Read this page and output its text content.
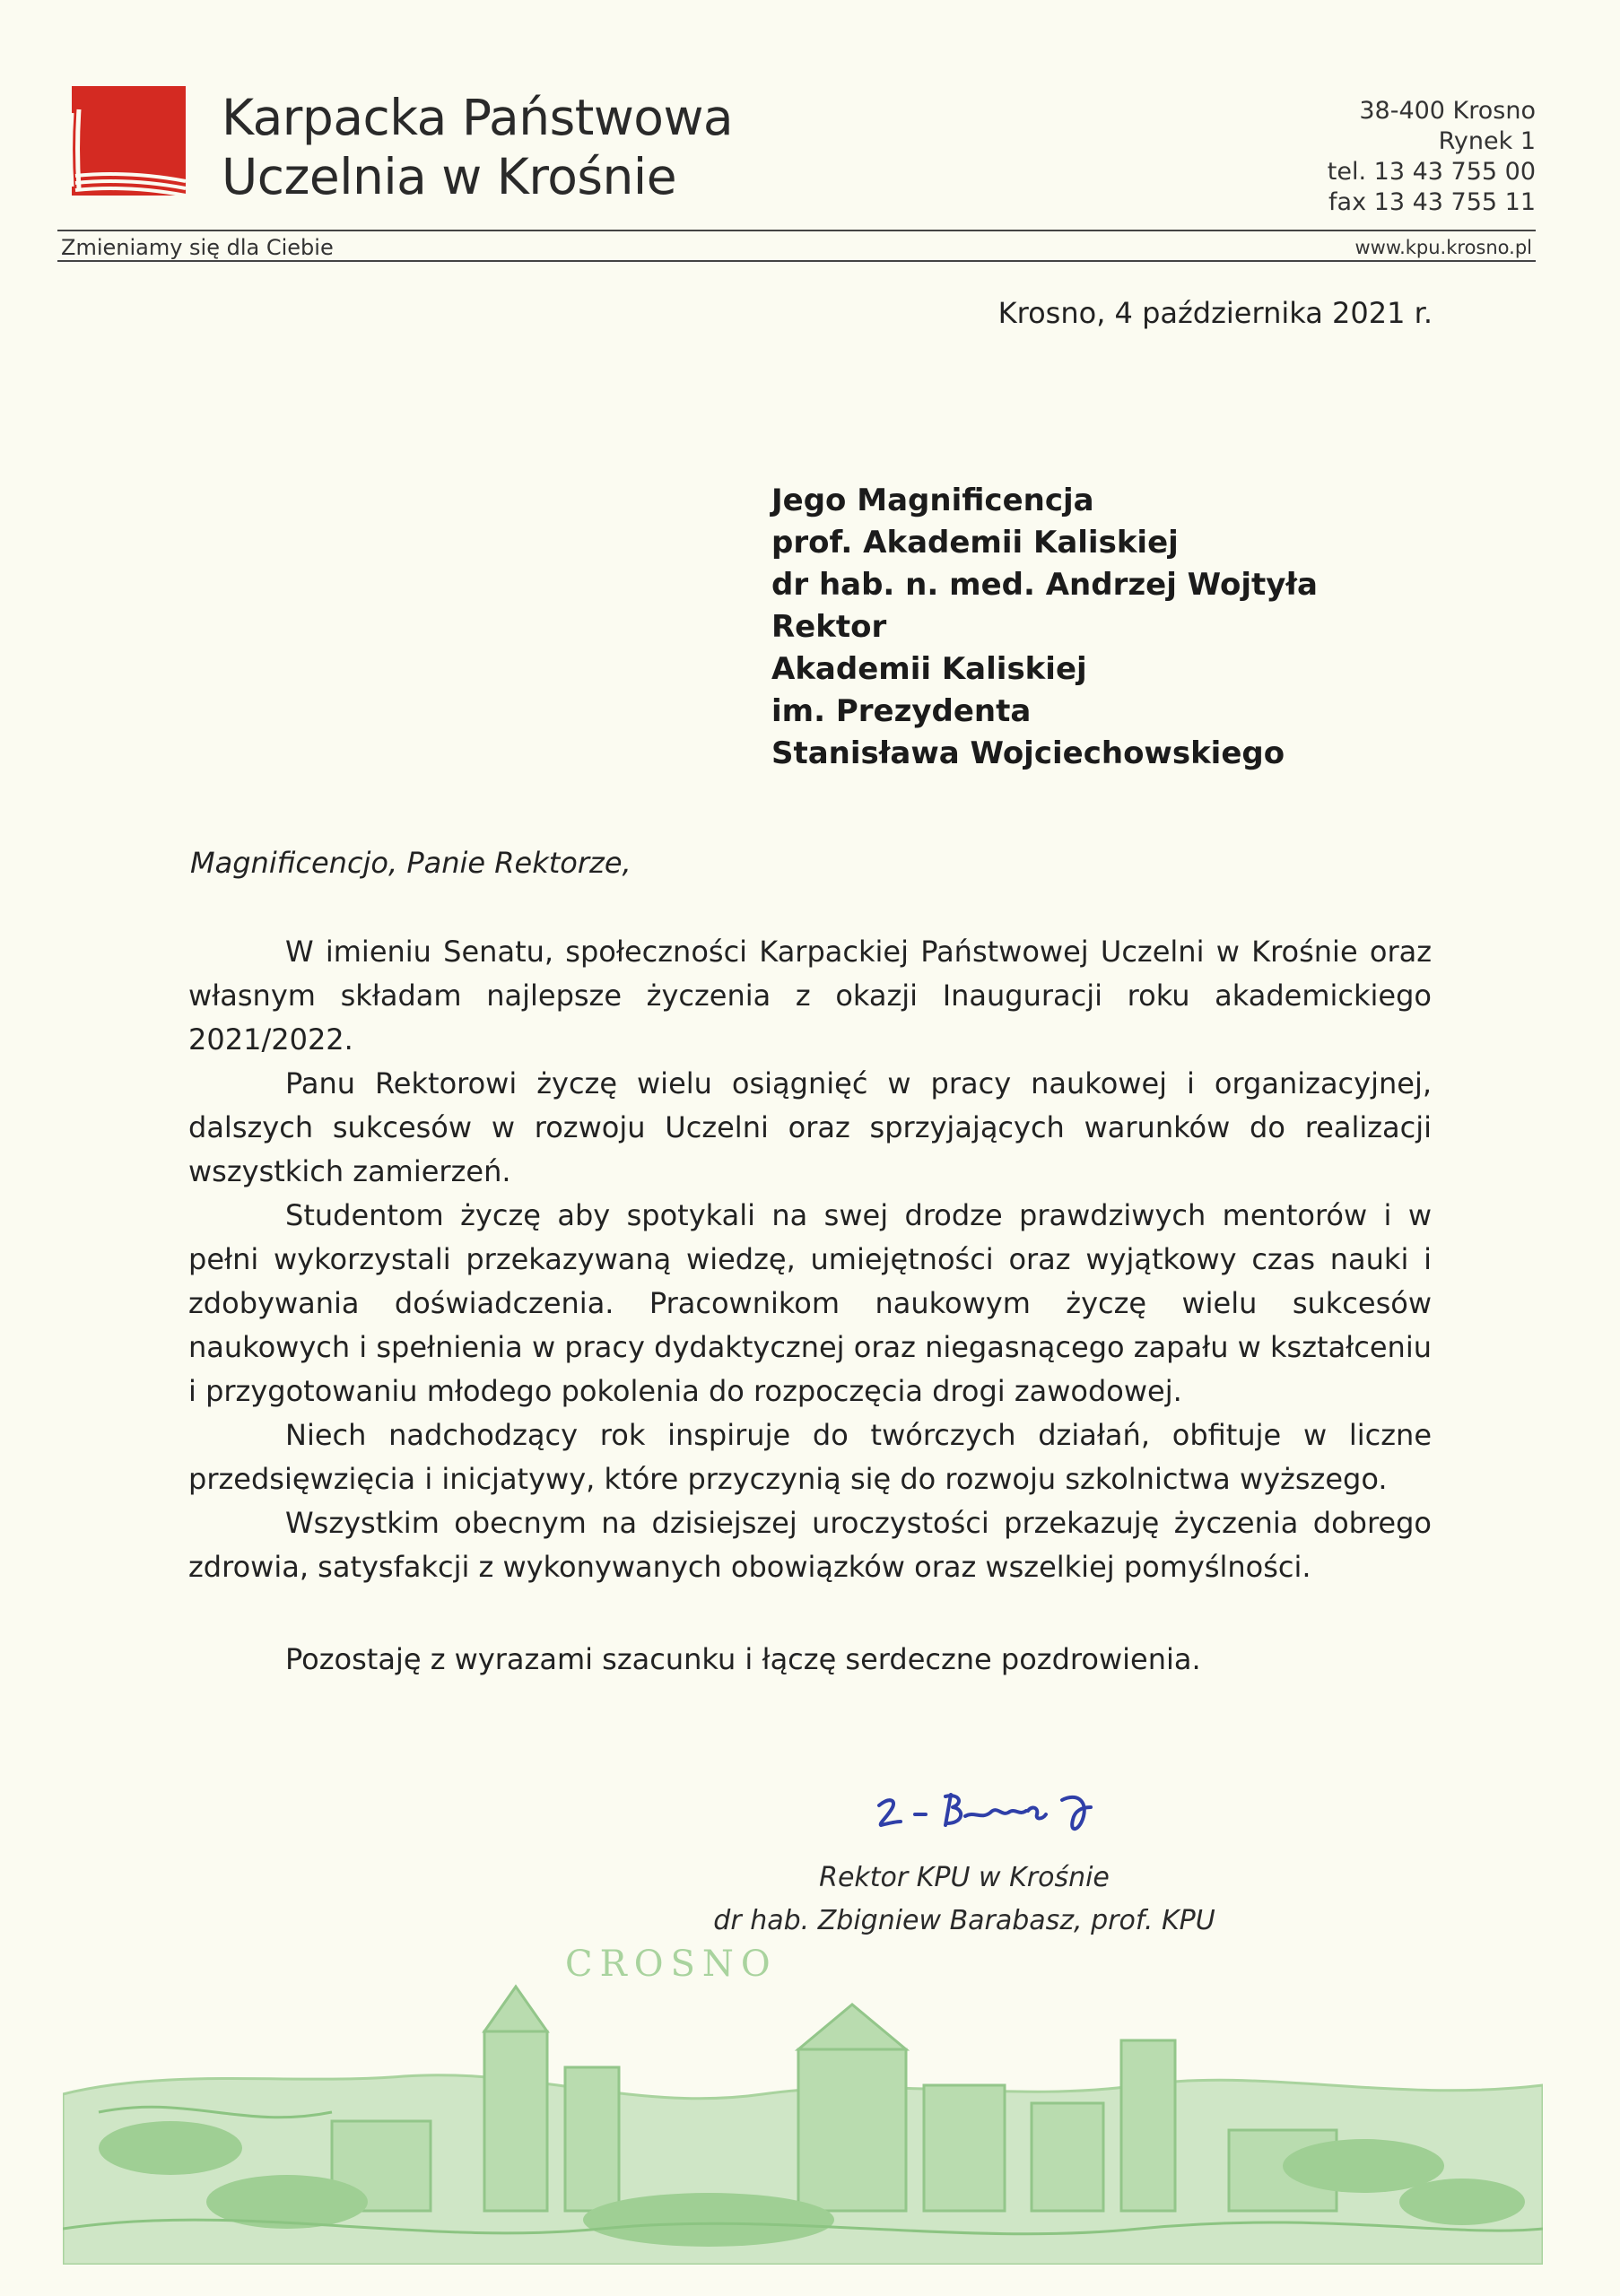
Karpacka Państwowa
Uczelnia w Krośnie
38-400 Krosno
Rynek 1
tel. 13 43 755 00
fax 13 43 755 11
Zmieniamy się dla Ciebie	www.kpu.krosno.pl
Krosno, 4 października 2021 r.
Jego Magnificencja
prof. Akademii Kaliskiej
dr hab. n. med. Andrzej Wojtyła
Rektor
Akademii Kaliskiej
im. Prezydenta
Stanisława Wojciechowskiego
Magnificencjo, Panie Rektorze,

W imieniu Senatu, społeczności Karpackiej Państwowej Uczelni w Krośnie oraz własnym składam najlepsze życzenia z okazji Inauguracji roku akademickiego 2021/2022.

Panu Rektorowi życzę wielu osiągnięć w pracy naukowej i organizacyjnej, dalszych sukcesów w rozwoju Uczelni oraz sprzyjających warunków do realizacji wszystkich zamierzeń.

Studentom życzę aby spotykali na swej drodze prawdziwych mentorów i w pełni wykorzystali przekazywaną wiedzę, umiejętności oraz wyjątkowy czas nauki i zdobywania doświadczenia. Pracownikom naukowym życzę wielu sukcesów naukowych i spełnienia w pracy dydaktycznej oraz niegasnącego zapału w kształceniu i przygotowaniu młodego pokolenia do rozpoczęcia drogi zawodowej.

Niech nadchodzący rok inspiruje do twórczych działań, obfituje w liczne przedsięwzięcia i inicjatywy, które przyczynią się do rozwoju szkolnictwa wyższego.

Wszystkim obecnym na dzisiejszej uroczystości przekazuję życzenia dobrego zdrowia, satysfakcji z wykonywanych obowiązków oraz wszelkiej pomyślności.

Pozostaję z wyrazami szacunku i łączę serdeczne pozdrowienia.
Rektor KPU w Krośnie
dr hab. Zbigniew Barabasz, prof. KPU
CROSNO
